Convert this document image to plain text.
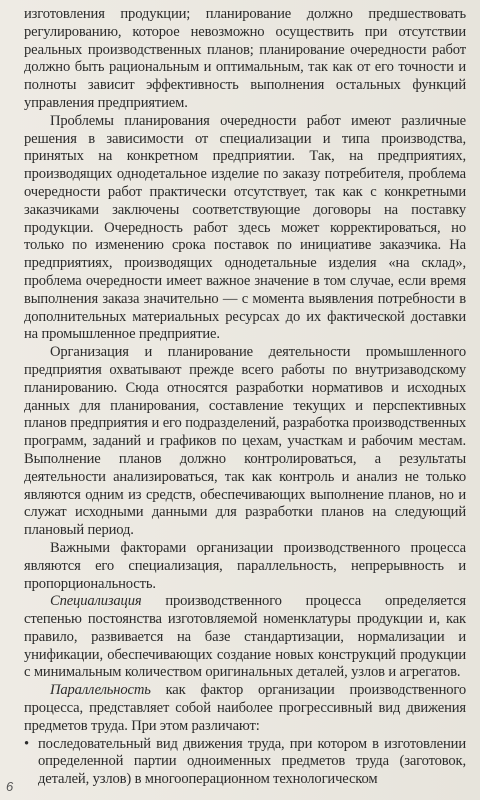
изготовления продукции; планирование должно предшествовать регулированию, которое невозможно осуществить при отсутствии реальных производственных планов; планирование очередности работ должно быть рациональным и оптимальным, так как от его точности и полноты зависит эффективность выполнения остальных функций управления предприятием.

Проблемы планирования очередности работ имеют различные решения в зависимости от специализации и типа производства, принятых на конкретном предприятии. Так, на предприятиях, производящих однодетальное изделие по заказу потребителя, проблема очередности работ практически отсутствует, так как с конкретными заказчиками заключены соответствующие договоры на поставку продукции. Очередность работ здесь может корректироваться, но только по изменению срока поставок по инициативе заказчика. На предприятиях, производящих однодетальные изделия «на склад», проблема очередности имеет важное значение в том случае, если время выполнения заказа значительно — с момента выявления потребности в дополнительных материальных ресурсах до их фактической доставки на промышленное предприятие.

Организация и планирование деятельности промышленного предприятия охватывают прежде всего работы по внутризаводскому планированию. Сюда относятся разработки нормативов и исходных данных для планирования, составление текущих и перспективных планов предприятия и его подразделений, разработка производственных программ, заданий и графиков по цехам, участкам и рабочим местам. Выполнение планов должно контролироваться, а результаты деятельности анализироваться, так как контроль и анализ не только являются одним из средств, обеспечивающих выполнение планов, но и служат исходными данными для разработки планов на следующий плановый период.

Важными факторами организации производственного процесса являются его специализация, параллельность, непрерывность и пропорциональность.

Специализация производственного процесса определяется степенью постоянства изготовляемой номенклатуры продукции и, как правило, развивается на базе стандартизации, нормализации и унификации, обеспечивающих создание новых конструкций продукции с минимальным количеством оригинальных деталей, узлов и агрегатов.

Параллельность как фактор организации производственного процесса, представляет собой наиболее прогрессивный вид движения предметов труда. При этом различают:

• последовательный вид движения труда, при котором в изготовлении определенной партии одноименных предметов труда (заготовок, деталей, узлов) в многооперационном технологическом
6
